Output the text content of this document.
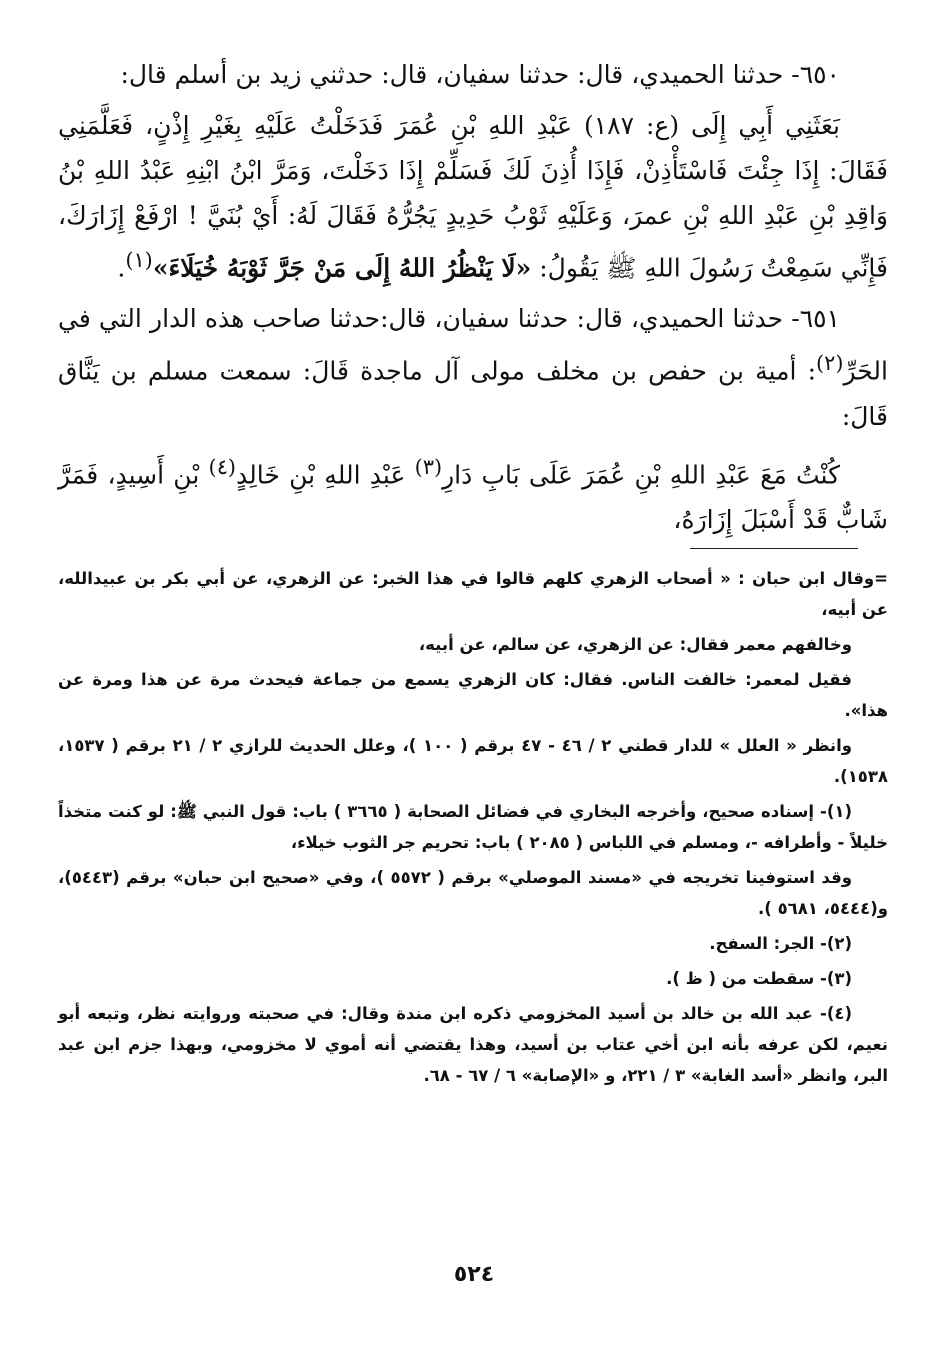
٦٥٠- حدثنا الحميدي، قال: حدثنا سفيان، قال: حدثني زيد بن أسلم قال:

بَعَثَنِي أَبِي إِلَى (ع: ١٨٧) عَبْدِ اللهِ بْنِ عُمَرَ فَدَخَلْتُ عَلَيْهِ بِغَيْرِ إِذْنٍ، فَعَلَّمَنِي فَقَالَ: إِذَا جِئْتَ فَاسْتَأْذِنْ، فَإِذَا أُذِنَ لَكَ فَسَلِّمْ إِذَا دَخَلْتَ، وَمَرَّ ابْنُ ابْنِهِ عَبْدُ اللهِ بْنُ وَاقِدِ بْنِ عَبْدِ اللهِ بْنِ عمرَ، وَعَلَيْهِ ثَوْبُ حَدِيدٍ يَجُرُّهُ فَقَالَ لَهُ: أَيْ بُنَيَّ ! ارْفَعْ إِزَارَكَ، فَإِنِّي سَمِعْتُ رَسُولَ اللهِ ﷺ يَقُولُ: «لَا يَنْظُرُ اللهُ إِلَى مَنْ جَرَّ ثَوْبَهُ خُيَلَاءَ»$^{(١)}$.

٦٥١- حدثنا الحميدي، قال: حدثنا سفيان، قال:حدثنا صاحب هذه الدار التي في الحَرِّ$^{(٢)}$: أمية بن حفص بن مخلف مولى آل ماجدة قَالَ: سمعت مسلم بن يَنَّاق قَالَ:

كُنْتُ مَعَ عَبْدِ اللهِ بْنِ عُمَرَ عَلَى بَابِ دَارِ$^{(٣)}$ عَبْدِ اللهِ بْنِ خَالِدٍ$^{(٤)}$ بْنِ أَسِيدٍ، فَمَرَّ شَابٌّ قَدْ أَسْبَلَ إِزَارَهُ،

=وقال ابن حبان : « أصحاب الزهري كلهم قالوا في هذا الخبر: عن الزهري، عن أبي بكر بن عبيدالله، عن أبيه،

وخالفهم معمر فقال: عن الزهري، عن سالم، عن أبيه،

فقيل لمعمر: خالفت الناس. فقال: كان الزهري يسمع من جماعة فيحدث مرة عن هذا ومرة عن هذا».

وانظر « العلل » للدار قطني ٢ / ٤٦ - ٤٧ برقم ( ١٠٠ )، وعلل الحديث للرازي ٢ / ٢١ برقم ( ١٥٣٧، ١٥٣٨).

(١)- إسناده صحيح، وأخرجه البخاري في فضائل الصحابة ( ٣٦٦٥ ) باب: قول النبي ﷺ: لو كنت متخذاً خليلاً - وأطرافه -، ومسلم في اللباس ( ٢٠٨٥ ) باب: تحريم جر الثوب خيلاء،

وقد استوفينا تخريجه في «مسند الموصلي» برقم ( ٥٥٧٢ )، وفي «صحيح ابن حبان» برقم (٥٤٤٣)، و(٥٤٤٤، ٥٦٨١ ).

(٢)- الجر: السفح.

(٣)- سقطت من ( ظ ).

(٤)- عبد الله بن خالد بن أسيد المخزومي ذكره ابن مندة وقال: في صحبته وروايته نظر، وتبعه أبو نعيم، لكن عرفه بأنه ابن أخي عتاب بن أسيد، وهذا يقتضي أنه أموي لا مخزومي، وبهذا جزم ابن عبد البر، وانظر «أسد الغابة» ٣ / ٢٢١، و «الإصابة» ٦ / ٦٧ - ٦٨.

٥٢٤
